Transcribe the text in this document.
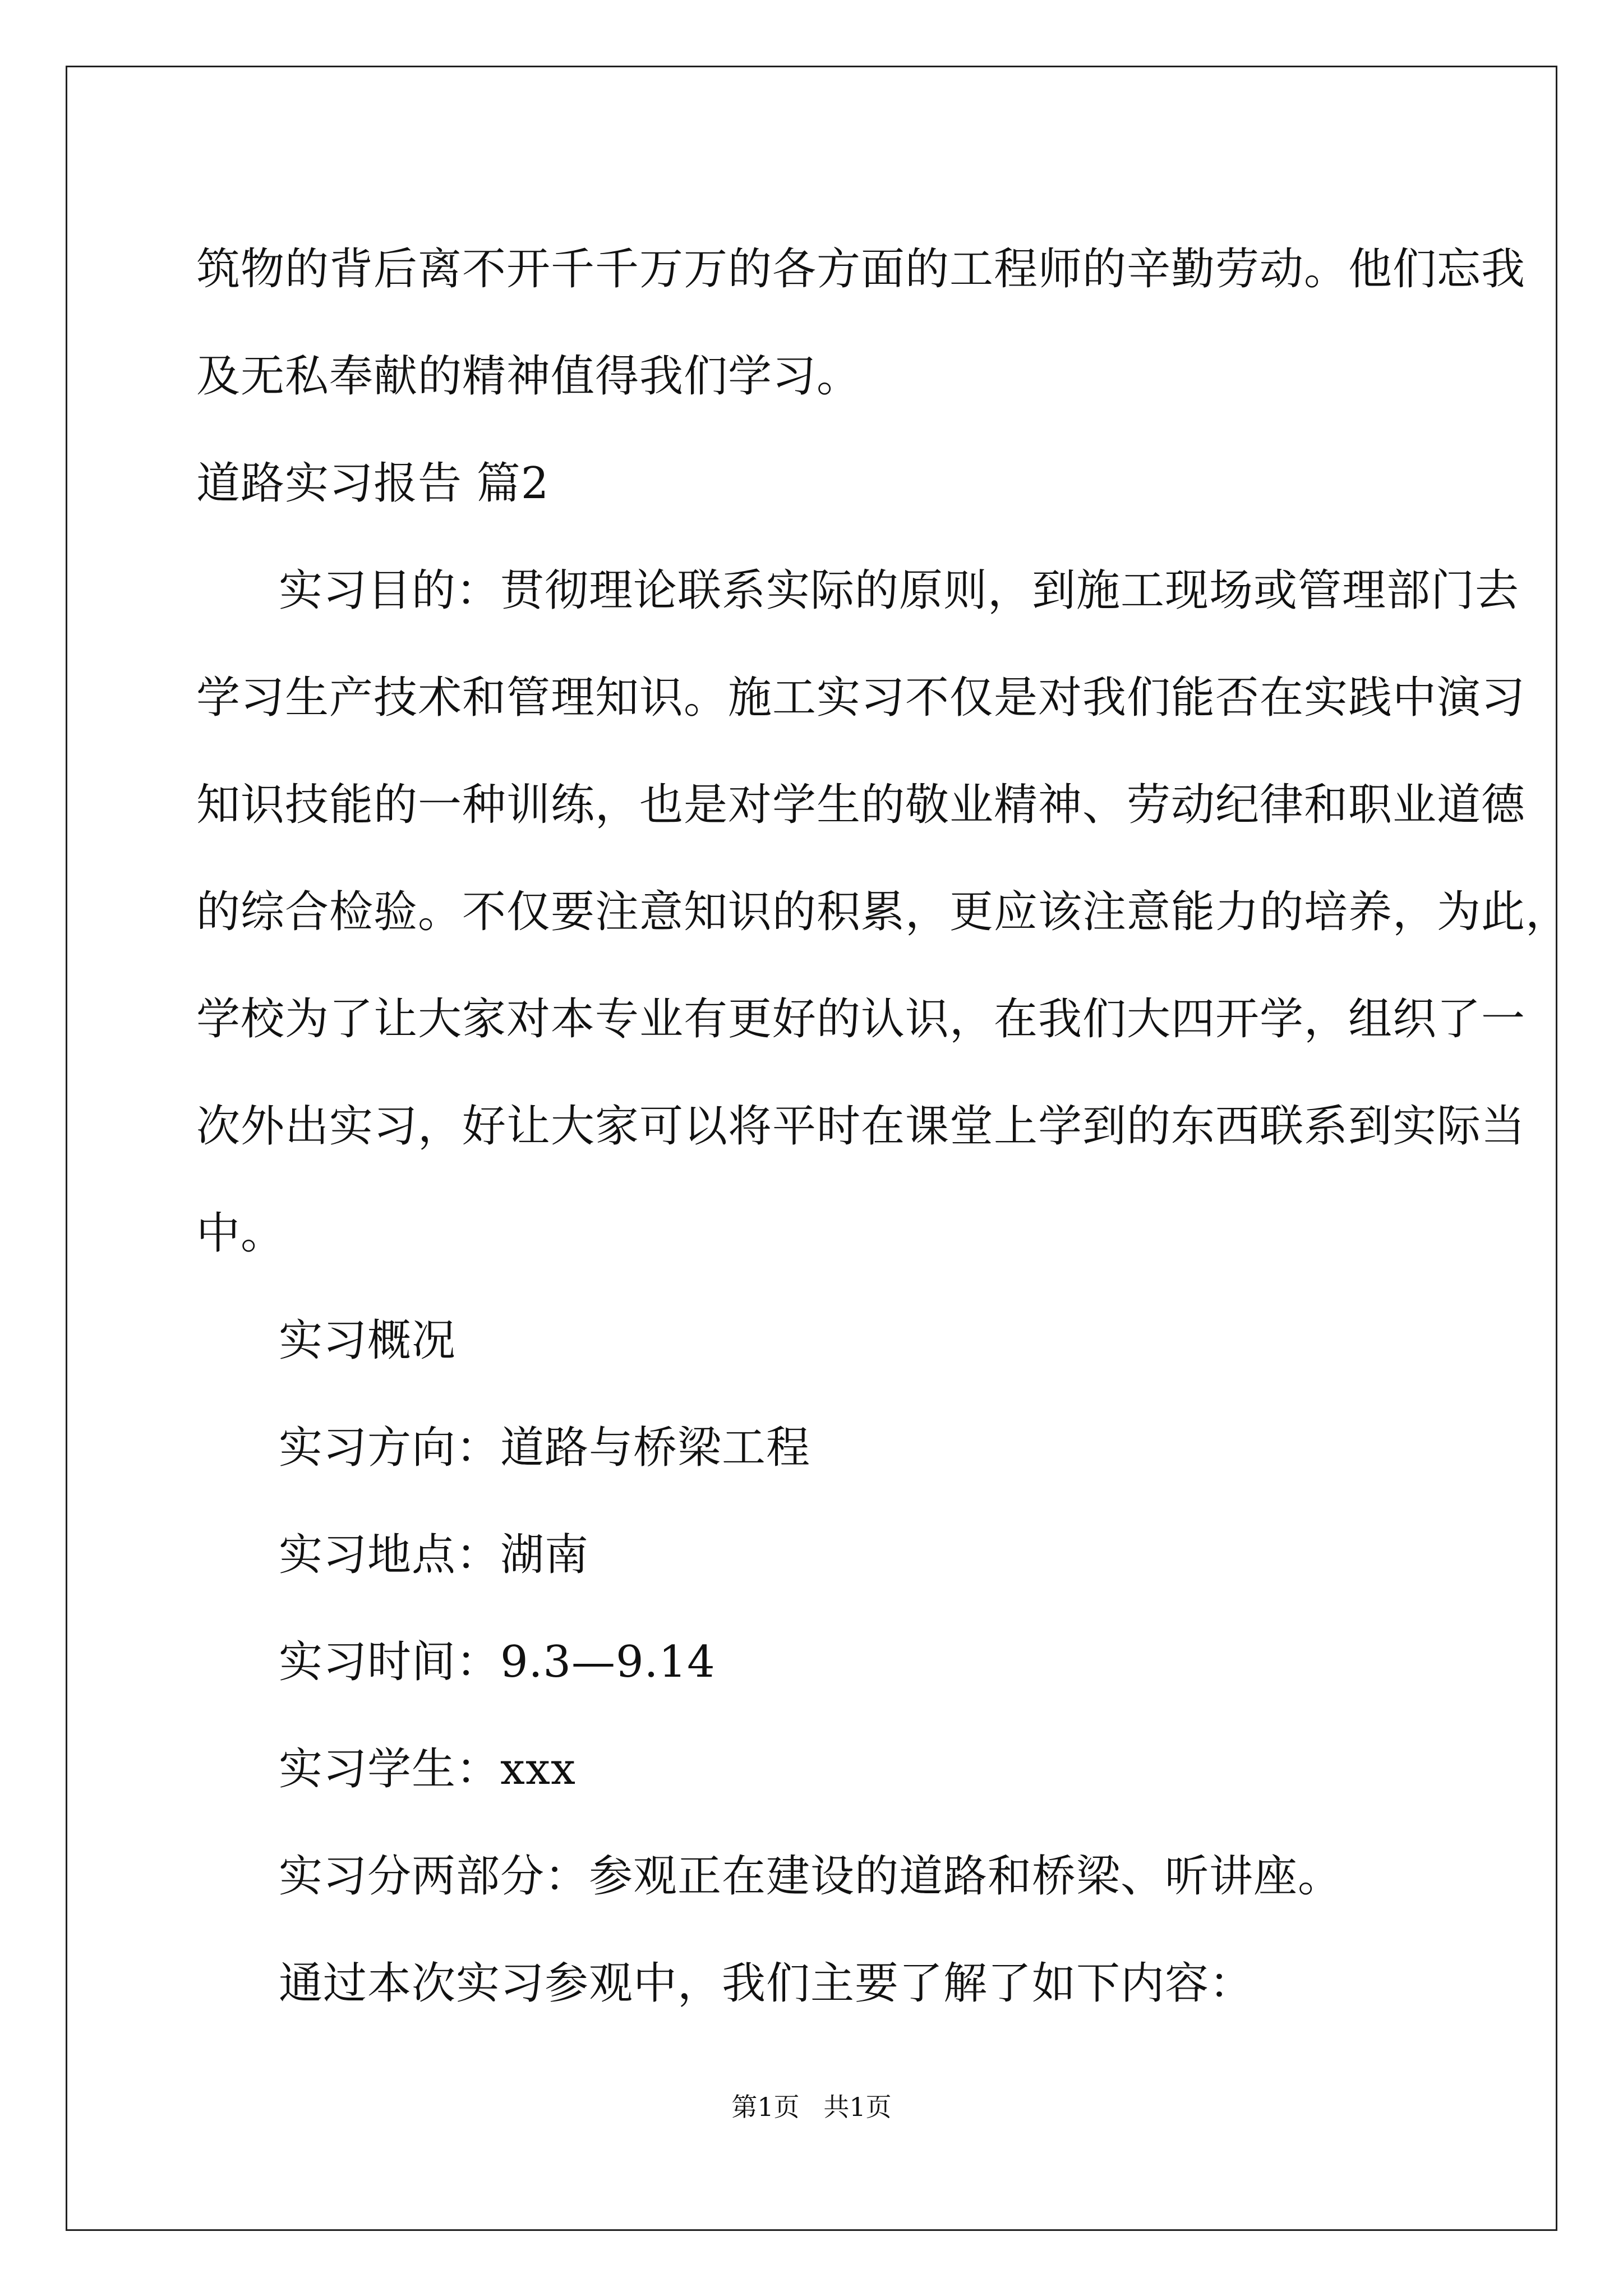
筑物的背后离不开千千万万的各方面的工程师的辛勤劳动。他们忘我
及无私奉献的精神值得我们学习。
道路实习报告 篇2
实习目的：贯彻理论联系实际的原则，到施工现场或管理部门去
学习生产技术和管理知识。施工实习不仅是对我们能否在实践中演习
知识技能的一种训练，也是对学生的敬业精神、劳动纪律和职业道德
的综合检验。不仅要注意知识的积累，更应该注意能力的培养，为此，
学校为了让大家对本专业有更好的认识，在我们大四开学，组织了一
次外出实习，好让大家可以将平时在课堂上学到的东西联系到实际当
中。
实习概况
实习方向：道路与桥梁工程
实习地点：湖南
实习时间：9.3—9.14
实习学生：xxx
实习分两部分：参观正在建设的道路和桥梁、听讲座。
通过本次实习参观中，我们主要了解了如下内容：
第1页 共1页
